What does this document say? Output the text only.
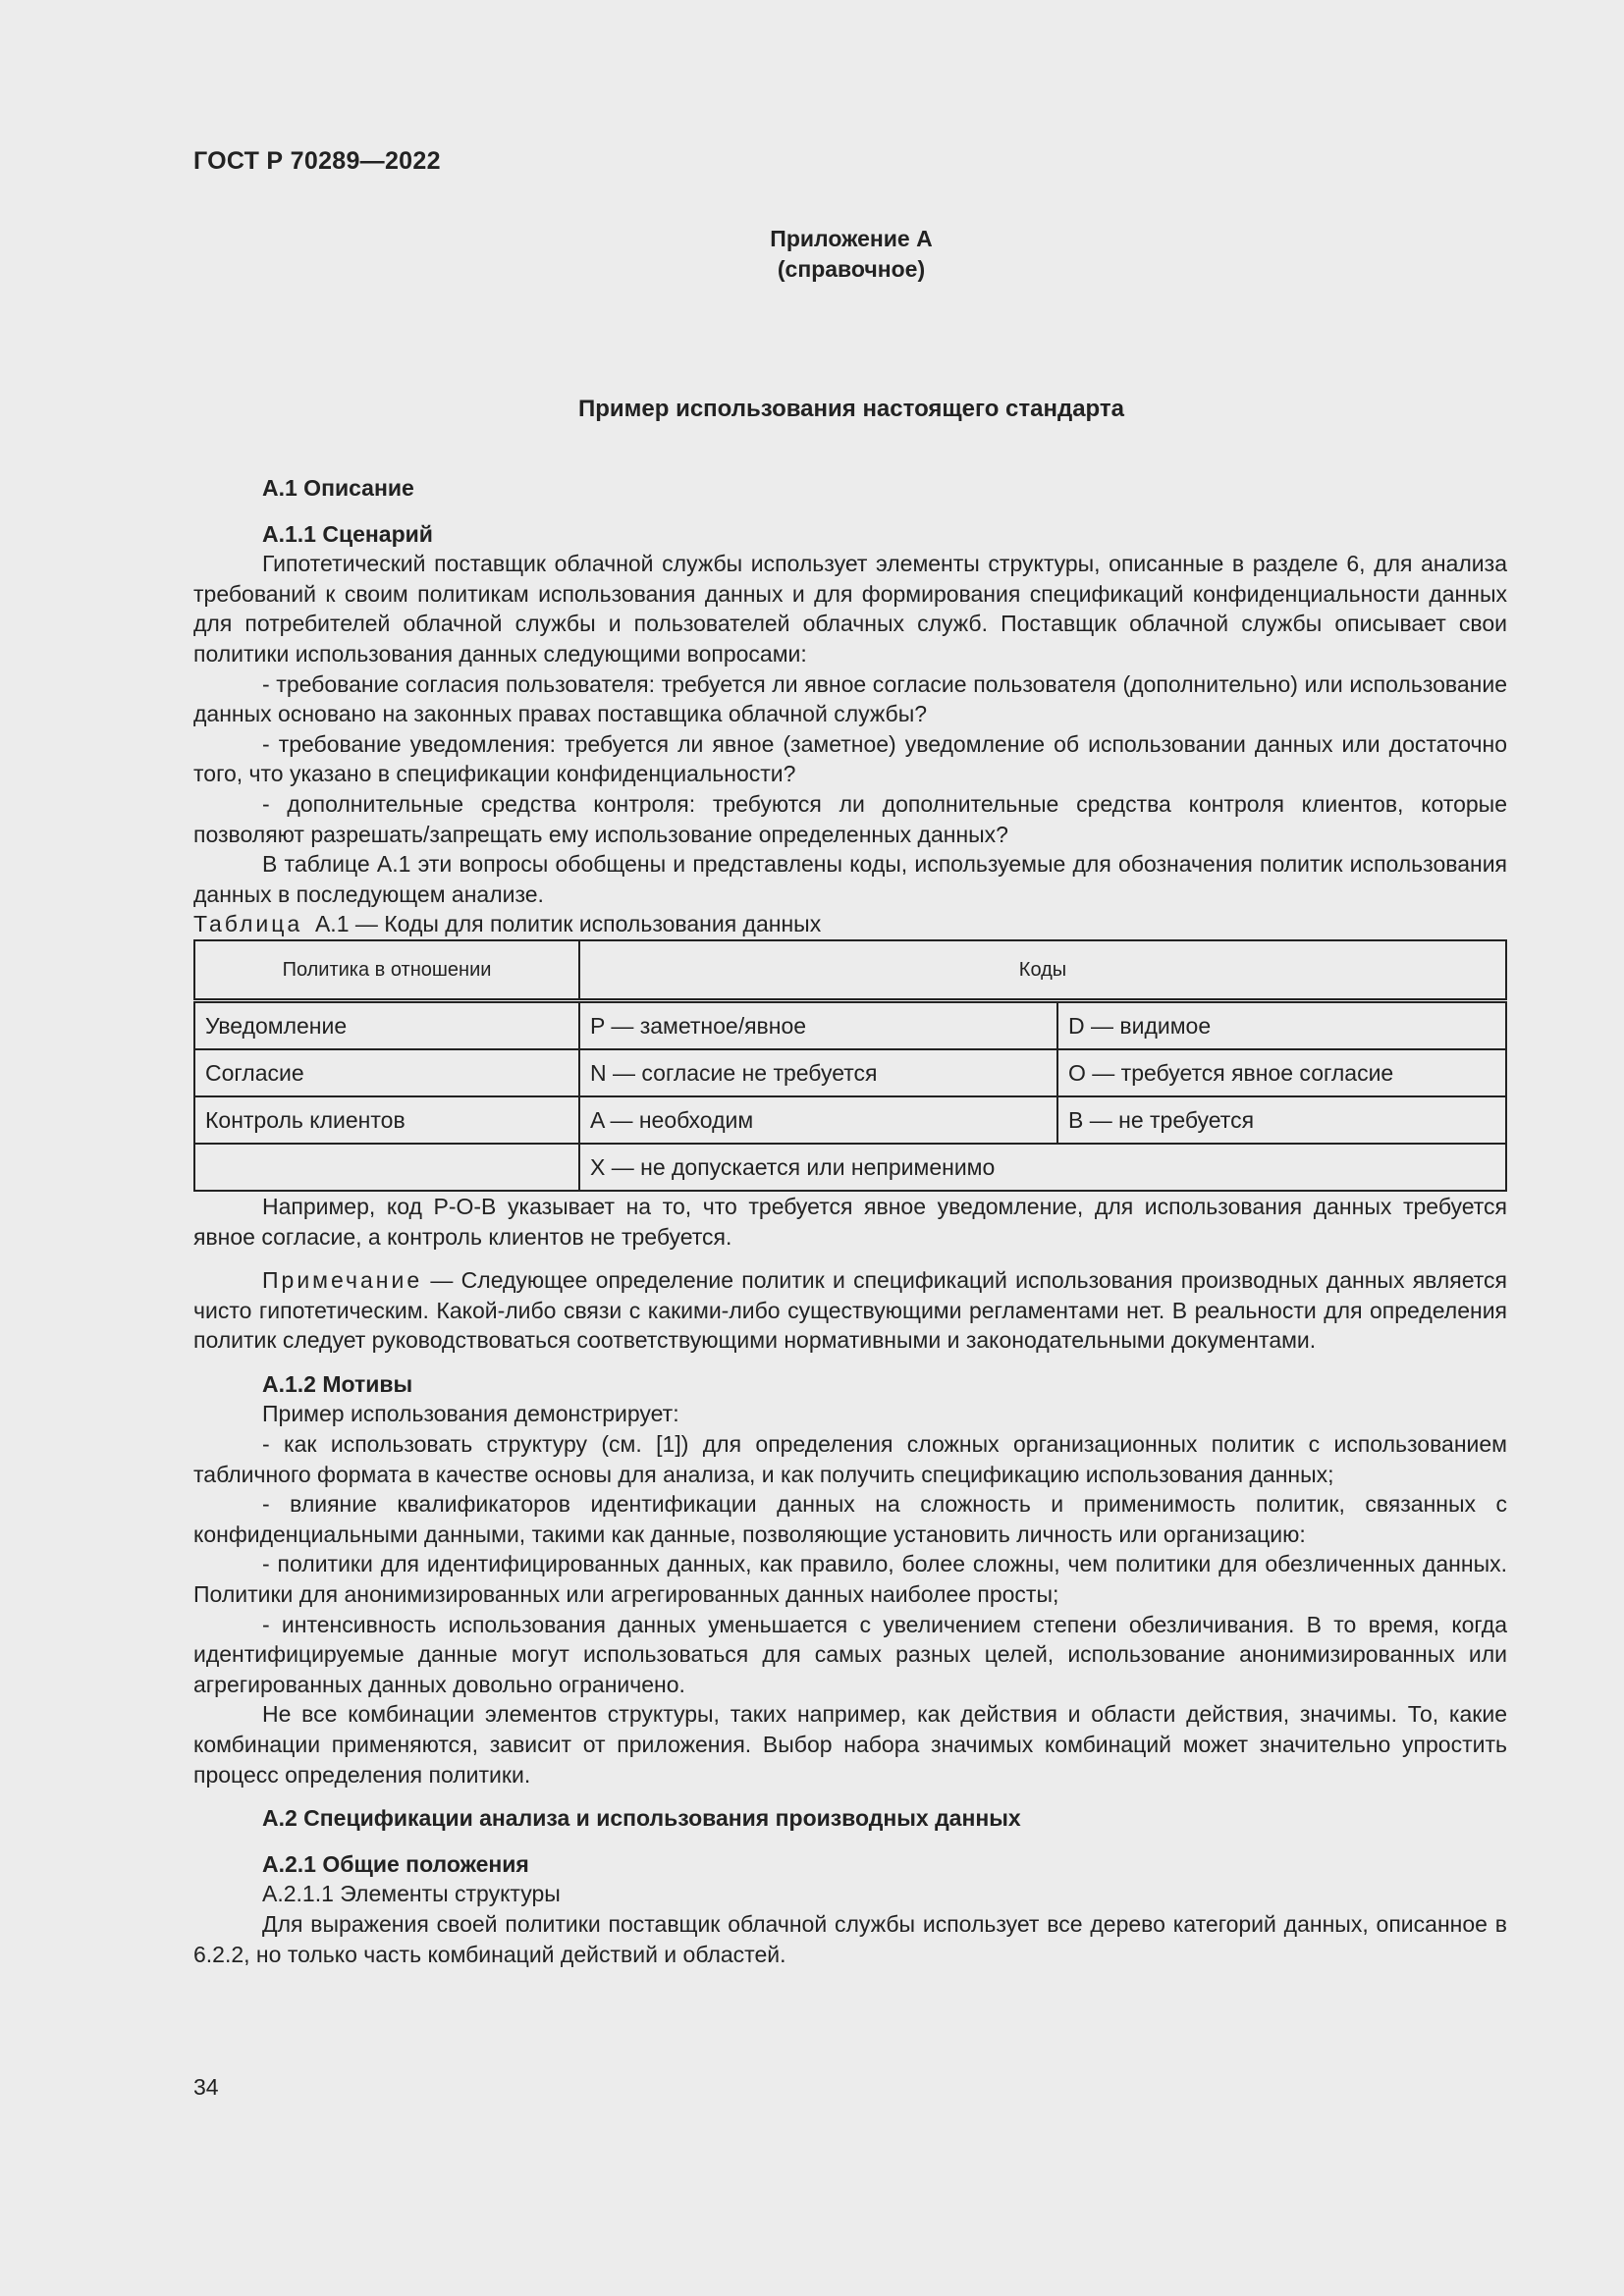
ГОСТ Р 70289—2022
Приложение А
(справочное)
Пример использования настоящего стандарта

А.1 Описание

А.1.1 Сценарий

Гипотетический поставщик облачной службы использует элементы структуры, описанные в разделе 6, для анализа требований к своим политикам использования данных и для формирования спецификаций конфиденциальности данных для потребителей облачной службы и пользователей облачных служб. Поставщик облачной службы описывает свои политики использования данных следующими вопросами:

- требование согласия пользователя: требуется ли явное согласие пользователя (дополнительно) или использование данных основано на законных правах поставщика облачной службы?

- требование уведомления: требуется ли явное (заметное) уведомление об использовании данных или достаточно того, что указано в спецификации конфиденциальности?

- дополнительные средства контроля: требуются ли дополнительные средства контроля клиентов, которые позволяют разрешать/запрещать ему использование определенных данных?

В таблице А.1 эти вопросы обобщены и представлены коды, используемые для обозначения политик использования данных в последующем анализе.

Таблица А.1 — Коды для политик использования данных

Политика в отношении	Коды	
Уведомление	P — заметное/явное	D — видимое
Согласие	N — согласие не требуется	O — требуется явное согласие
Контроль клиентов	A — необходим	B — не требуется
	X — не допускается или неприменимо	

Например, код P-O-B указывает на то, что требуется явное уведомление, для использования данных требуется явное согласие, а контроль клиентов не требуется.

Примечание — Следующее определение политик и спецификаций использования производных данных является чисто гипотетическим. Какой-либо связи с какими-либо существующими регламентами нет. В реальности для определения политик следует руководствоваться соответствующими нормативными и законодательными документами.

А.1.2 Мотивы

Пример использования демонстрирует:

- как использовать структуру (см. [1]) для определения сложных организационных политик с использованием табличного формата в качестве основы для анализа, и как получить спецификацию использования данных;

- влияние квалификаторов идентификации данных на сложность и применимость политик, связанных с конфиденциальными данными, такими как данные, позволяющие установить личность или организацию:

- политики для идентифицированных данных, как правило, более сложны, чем политики для обезличенных данных. Политики для анонимизированных или агрегированных данных наиболее просты;

- интенсивность использования данных уменьшается с увеличением степени обезличивания. В то время, когда идентифицируемые данные могут использоваться для самых разных целей, использование анонимизированных или агрегированных данных довольно ограничено.

Не все комбинации элементов структуры, таких например, как действия и области действия, значимы. То, какие комбинации применяются, зависит от приложения. Выбор набора значимых комбинаций может значительно упростить процесс определения политики.

А.2 Спецификации анализа и использования производных данных

А.2.1 Общие положения

А.2.1.1 Элементы структуры

Для выражения своей политики поставщик облачной службы использует все дерево категорий данных, описанное в 6.2.2, но только часть комбинаций действий и областей.

34
